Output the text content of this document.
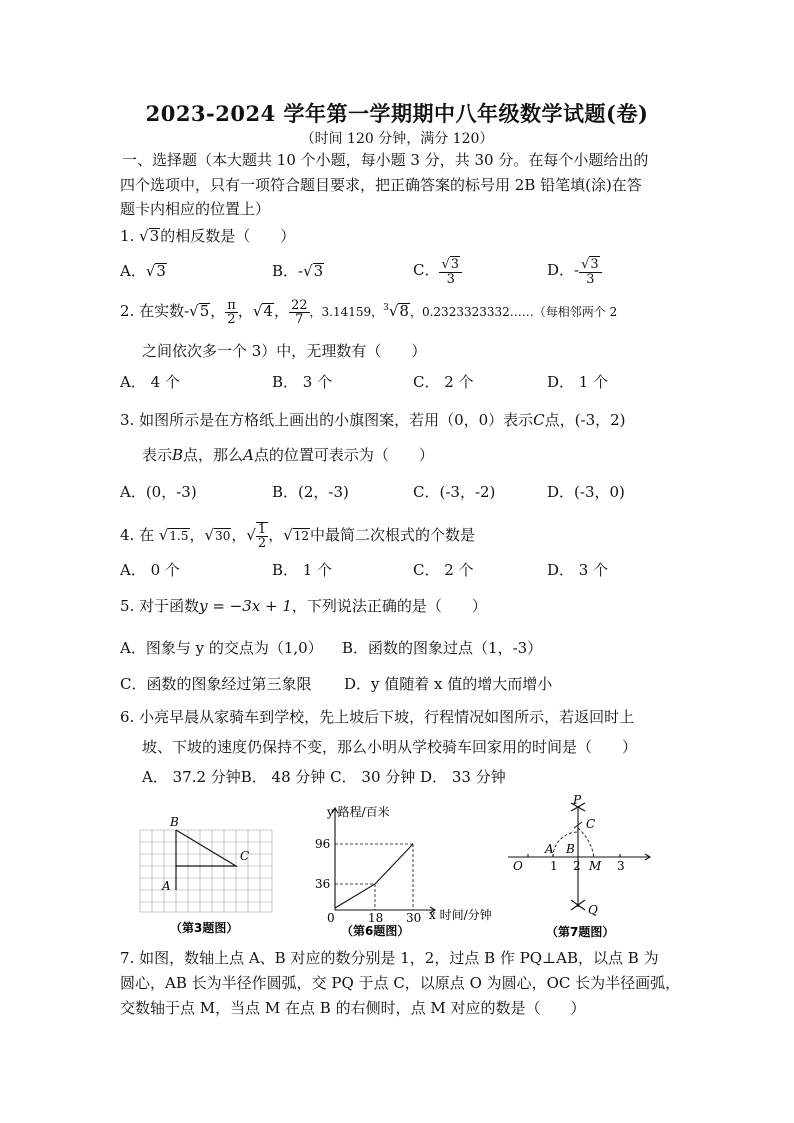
2023-2024 学年第一学期期中八年级数学试题(卷)
（时间 120 分钟，满分 120）
一、选择题（本大题共 10 个小题，每小题 3 分，共 30 分。在每个小题给出的
四个选项中，只有一项符合题目要求，把正确答案的标号用 2B 铅笔填(涂)在答
题卡内相应的位置上）
1. √3的相反数是（　　）
A．√3	B．-√3	C． $\frac{√3}{3}$	D．- $\frac{√3}{3}$
2. 在实数-√5， $\frac{\pi}{2}$ ，√4， $\frac{22}{7}$ ，3.14159，$^3$√8，0.2323323332……（每相邻两个 2
之间依次多一个 3）中，无理数有（　　）
A． 4 个	B． 3 个	C． 2 个	D． 1 个
3. 如图所示是在方格纸上画出的小旗图案，若用（0，0）表示C点，(-3，2)
表示B点，那么A点的位置可表示为（　　）
A．(0，-3)	B．(2，-3)	C．(-3，-2)	D．(-3，0)
4. 在 √1.5，√30，√ $\frac{1}{2}$ ，√12中最简二次根式的个数是
A． 0 个	B． 1 个	C． 2 个	D． 3 个
5. 对于函数y = −3x + 1，下列说法正确的是（　　）
A．图象与 y 的交点为（1,0） B．函数的图象过点（1，-3）
C．函数的图象经过第三象限 D．y 值随着 x 值的增大而增小
6. 小亮早晨从家骑车到学校，先上坡后下坡，行程情况如图所示，若返回时上
坡、下坡的速度仍保持不变，那么小明从学校骑车回家用的时间是（　　）
A． 37.2 分钟B． 48 分钟 C． 30 分钟 D． 33 分钟
B
C
A
（第3题图）
y 路程/百米
96
36
0	18 30 x 时间/分钟
（第6题图）
P
C
A B
O 1 2 M 3
Q
（第7题图）
7. 如图，数轴上点 A、B 对应的数分别是 1，2，过点 B 作 PQ⊥AB，以点 B 为
圆心，AB 长为半径作圆弧，交 PQ 于点 C，以原点 O 为圆心，OC 长为半径画弧，
交数轴于点 M，当点 M 在点 B 的右侧时，点 M 对应的数是（　　）
